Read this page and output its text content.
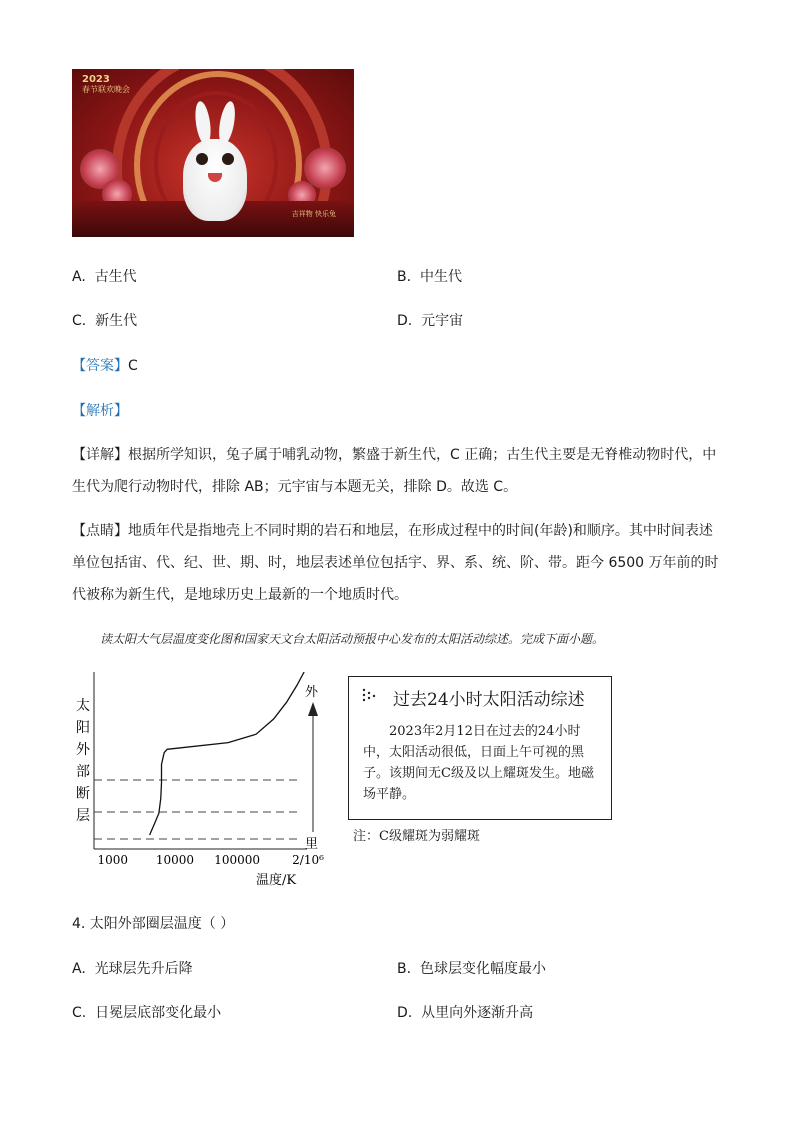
2023
春节联欢晚会
吉祥物 快乐兔
A. 古生代	B. 中生代
C. 新生代	D. 元宇宙
【答案】C
【解析】
【详解】根据所学知识，兔子属于哺乳动物，繁盛于新生代，C 正确；古生代主要是无脊椎动物时代，中生代为爬行动物时代，排除 AB；元宇宙与本题无关，排除 D。故选 C。
【点睛】地质年代是指地壳上不同时期的岩石和地层，在形成过程中的时间(年龄)和顺序。其中时间表述单位包括宙、代、纪、世、期、时，地层表述单位包括宇、界、系、统、阶、带。距今 6500 万年前的时代被称为新生代，是地球历史上最新的一个地质时代。
读太阳大气层温度变化图和国家天文台太阳活动预报中心发布的太阳活动综述。完成下面小题。
太
阳
外
部
断
层
1000 10000 100000	2/10⁶
外
里
温度/K
过去24小时太阳活动综述
2023年2月12日在过去的24小时中，太阳活动很低，日面上午可视的黑子。该期间无C级及以上耀斑发生。地磁场平静。
注：C级耀斑为弱耀斑
4. 太阳外部圈层温度（ ）
A. 光球层先升后降	B. 色球层变化幅度最小
C. 日冕层底部变化最小	D. 从里向外逐渐升高
